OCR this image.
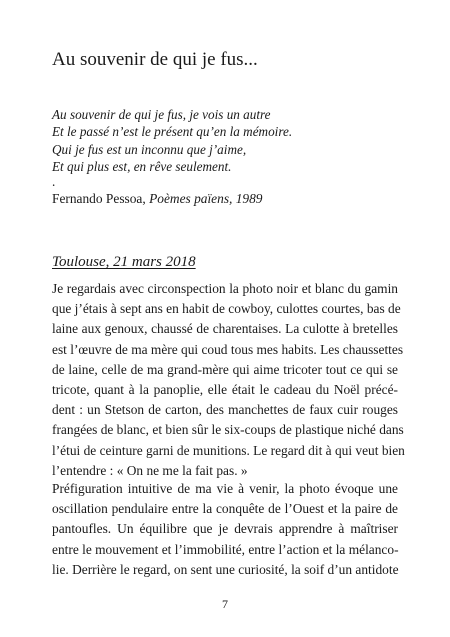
Au souvenir de qui je fus...
Au souvenir de qui je fus, je vois un autre
Et le passé n’est le présent qu’en la mémoire.
Qui je fus est un inconnu que j’aime,
Et qui plus est, en rêve seulement.
.
Fernando Pessoa, Poèmes païens, 1989
Toulouse, 21 mars 2018
Je regardais avec circonspection la photo noir et blanc du gamin
que j’étais à sept ans en habit de cowboy, culottes courtes, bas de
laine aux genoux, chaussé de charentaises. La culotte à bretelles
est l’œuvre de ma mère qui coud tous mes habits. Les chaussettes
de laine, celle de ma grand-mère qui aime tricoter tout ce qui se
tricote, quant à la panoplie, elle était le cadeau du Noël précé-
dent : un Stetson de carton, des manchettes de faux cuir rouges
frangées de blanc, et bien sûr le six-coups de plastique niché dans
l’étui de ceinture garni de munitions. Le regard dit à qui veut bien
l’entendre : « On ne me la fait pas. »
Préfiguration intuitive de ma vie à venir, la photo évoque une
oscillation pendulaire entre la conquête de l’Ouest et la paire de
pantoufles. Un équilibre que je devrais apprendre à maîtriser
entre le mouvement et l’immobilité, entre l’action et la mélanco-
lie. Derrière le regard, on sent une curiosité, la soif d’un antidote
7
